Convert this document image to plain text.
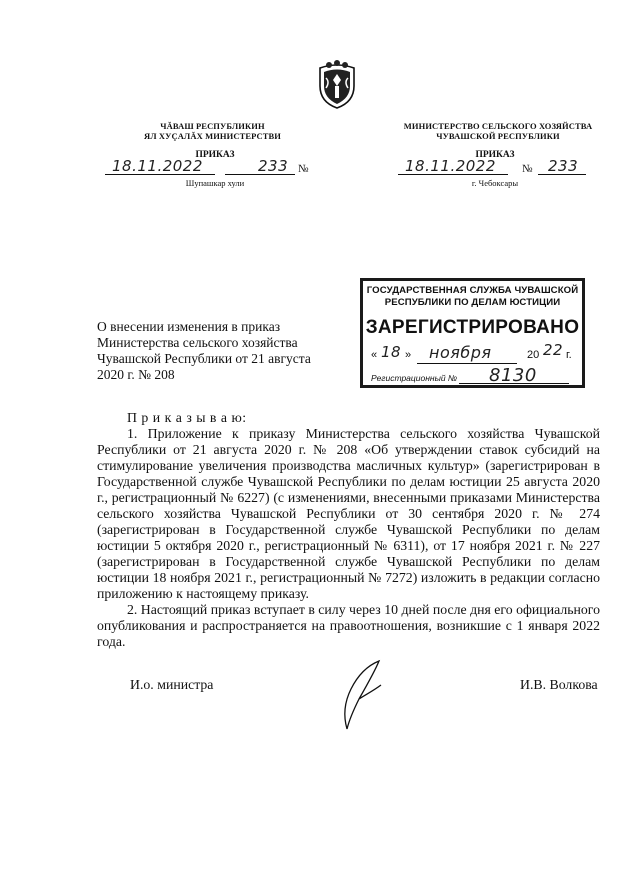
ЧĂВАШ РЕСПУБЛИКИН
ЯЛ ХУÇАЛĂХ МИНИСТЕРСТВИ
ПРИКАЗ
18.11.2022	233 №
Шупашкар хули
МИНИСТЕРСТВО СЕЛЬСКОГО ХОЗЯЙСТВА
ЧУВАШСКОЙ РЕСПУБЛИКИ
ПРИКАЗ
18.11.2022 № 233
г. Чебоксары
ГОСУДАРСТВЕННАЯ СЛУЖБА ЧУВАШСКОЙ
РЕСПУБЛИКИ ПО ДЕЛАМ ЮСТИЦИИ
ЗАРЕГИСТРИРОВАНО
« 18 » ноября	20 22 г.
Регистрационный № 8130
О внесении изменения в приказ
Министерства сельского хозяйства
Чувашской Республики от 21 августа
2020 г. № 208

П р и к а з ы в а ю:

1. Приложение к приказу Министерства сельского хозяйства Чувашской Республики от 21 августа 2020 г. № 208 «Об утверждении ставок субсидий на стимулирование увеличения производства масличных культур» (зарегистрирован в Государственной службе Чувашской Республики по делам юстиции 25 августа 2020 г., регистрационный № 6227) (с изменениями, внесенными приказами Министерства сельского хозяйства Чувашской Республики от 30 сентября 2020 г. № 274 (зарегистрирован в Государственной службе Чувашской Республики по делам юстиции 5 октября 2020 г., регистрационный № 6311), от 17 ноября 2021 г. № 227 (зарегистрирован в Государственной службе Чувашской Республики по делам юстиции 18 ноября 2021 г., регистрационный № 7272) изложить в редакции согласно приложению к настоящему приказу.

2. Настоящий приказ вступает в силу через 10 дней после дня его официального опубликования и распространяется на правоотношения, возникшие с 1 января 2022 года.

И.о. министра	И.В. Волкова
